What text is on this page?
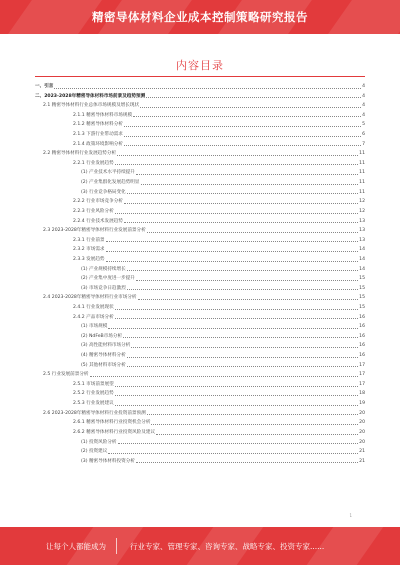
精密导体材料企业成本控制策略研究报告
内容目录
一、引言	4
二、2023-2028年精密导体材料市场前景及趋势预测	4
2.1 精密导体材料行业总体市场规模及增长现状	4
2.1.1 精密导体材料市场规模	4
2.1.2 精密导体材料分析	5
2.1.3 下游行业带动需求	6
2.1.4 政策环境影响分析	7
2.2 精密导体材料行业发展趋势分析	11
2.2.1 行业发展趋势	11
(1) 产业技术水平持续提升	11
(2) 产业集群化发展趋势明显	11
(3) 行业竞争格局变化	11
2.2.2 行业市场竞争分析	12
2.2.3 行业风险分析	12
2.2.4 行业技术发展趋势	13
2.3 2023-2028年精密导体材料行业发展前景分析	13
2.3.1 行业前景	13
2.3.2 市场需求	14
2.3.3 发展趋势	14
(1) 产业规模持续增长	14
(2) 产业集中度进一步提升	15
(3) 市场竞争日趋激烈	15
2.4 2023-2028年精密导体材料行业市场分析	15
2.4.1 行业发展现状	15
2.4.2 产品市场分析	16
(1) 市场规模	16
(2) NdFeB市场分析	16
(3) 高性能材料市场分析	16
(4) 精密导体材料分析	16
(5) 其他材料市场分析	17
2.5 行业发展前景分析	17
2.5.1 市场前景展望	17
2.5.2 行业发展趋势	18
2.5.3 行业发展建议	19
2.6 2023-2028年精密导体材料行业投资前景预测	20
2.6.1 精密导体材料行业投资机会分析	20
2.6.2 精密导体材料行业投资风险及建议	20
(1) 投资风险分析	20
(2) 投资建议	21
(3) 精密导体材料投资分析	21
1
让每个人都能成为	行业专家、管理专家、咨询专家、战略专家、投资专家......
